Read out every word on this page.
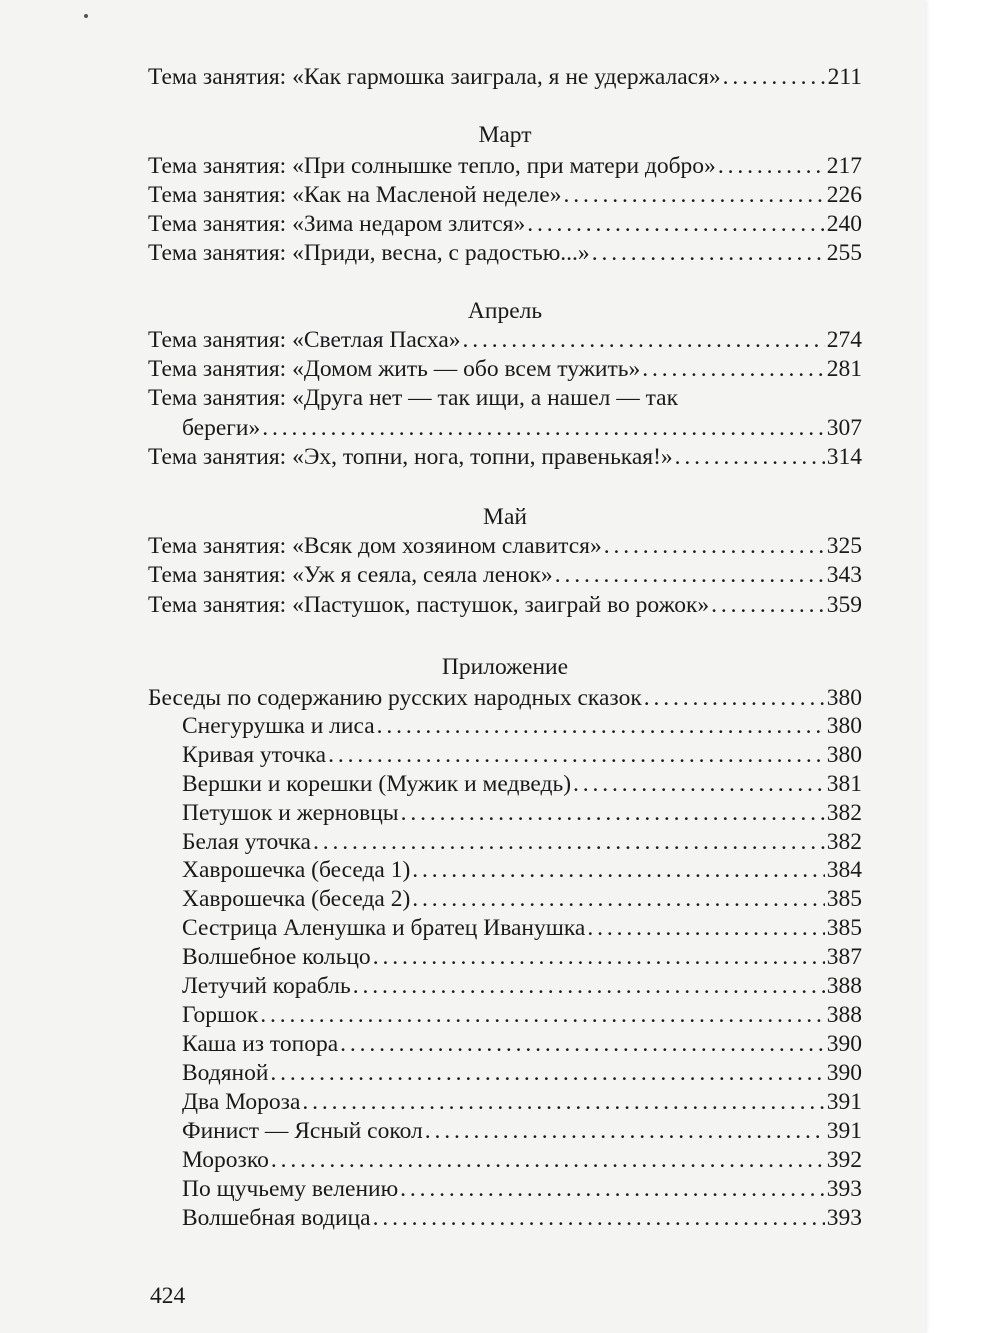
Тема занятия: «Как гармошка заиграла, я не удержалася» . . .	211
Март
Тема занятия: «При солнышке тепло, при матери добро» . . .	217
Тема занятия: «Как на Масленой неделе» . . .	226
Тема занятия: «Зима недаром злится» . . .	240
Тема занятия: «Приди, весна, с радостью...» . . .	255
Апрель
Тема занятия: «Светлая Пасха» . . .	274
Тема занятия: «Домом жить — обо всем тужить» . . .	281
Тема занятия: «Друга нет — так ищи, а нашел — так
береги» . . .	307
Тема занятия: «Эх, топни, нога, топни, правенькая!» . . .	314
Май
Тема занятия: «Всяк дом хозяином славится» . . .	325
Тема занятия: «Уж я сеяла, сеяла ленок» . . .	343
Тема занятия: «Пастушок, пастушок, заиграй во рожок» . . .	359
Приложение
Беседы по содержанию русских народных сказок . . .	380
Снегурушка и лиса . . .	380
Кривая уточка . . .	380
Вершки и корешки (Мужик и медведь) . . .	381
Петушок и жерновцы . . .	382
Белая уточка . . .	382
Хаврошечка (беседа 1) . . .	384
Хаврошечка (беседа 2) . . .	385
Сестрица Аленушка и братец Иванушка . . .	385
Волшебное кольцо . . .	387
Летучий корабль . . .	388
Горшок . . .	388
Каша из топора . . .	390
Водяной . . .	390
Два Мороза . . .	391
Финист — Ясный сокол . . .	391
Морозко . . .	392
По щучьему велению . . .	393
Волшебная водица . . .	393
424
